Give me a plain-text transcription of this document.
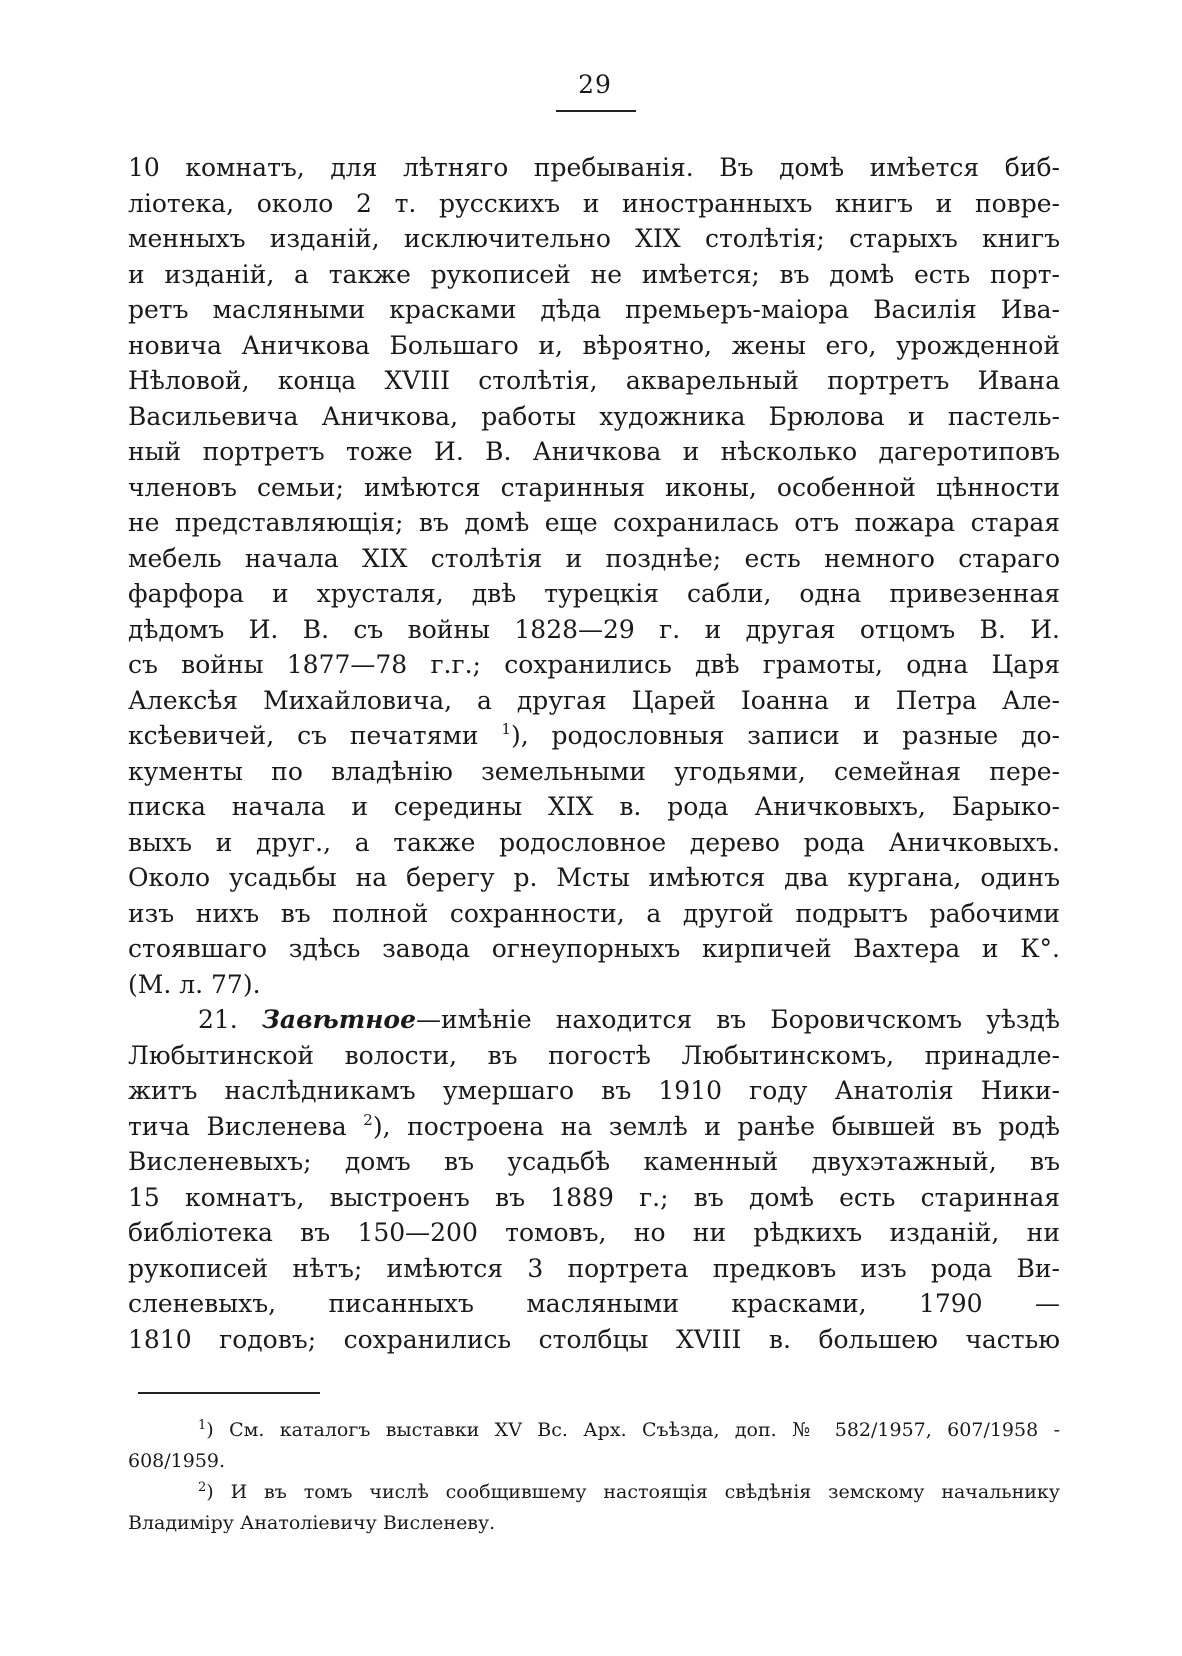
29
10 комнатъ, для лѣтняго пребыванія. Въ домѣ имѣется биб-
ліотека, около 2 т. русскихъ и иностранныхъ книгъ и повре-
менныхъ изданій, исключительно XIX столѣтія; старыхъ книгъ
и изданій, а также рукописей не имѣется; въ домѣ есть порт-
ретъ масляными красками дѣда премьеръ-маіора Василія Ива-
новича Аничкова Большаго и, вѣроятно, жены его, урожденной
Нѣловой, конца XVIII столѣтія, акварельный портретъ Ивана
Васильевича Аничкова, работы художника Брюлова и пастель-
ный портретъ тоже И. В. Аничкова и нѣсколько дагеротиповъ
членовъ семьи; имѣются старинныя иконы, особенной цѣнности
не представляющія; въ домѣ еще сохранилась отъ пожара старая
мебель начала XIX столѣтія и позднѣе; есть немного стараго
фарфора и хрусталя, двѣ турецкія сабли, одна привезенная
дѣдомъ И. В. съ войны 1828—29 г. и другая отцомъ В. И.
съ войны 1877—78 г.г.; сохранились двѣ грамоты, одна Царя
Алексѣя Михайловича, а другая Царей Іоанна и Петра Але-
ксѣевичей, съ печатями $^1$), родословныя записи и разные до-
кументы по владѣнію земельными угодьями, семейная пере-
писка начала и середины XIX в. рода Аничковыхъ, Барыко-
выхъ и друг., а также родословное дерево рода Аничковыхъ.
Около усадьбы на берегу р. Мсты имѣются два кургана, одинъ
изъ нихъ въ полной сохранности, а другой подрытъ рабочими
стоявшаго здѣсь завода огнеупорныхъ кирпичей Вахтера и К°.
(М. л. 77).
21. Завѣтное—имѣніе находится въ Боровичскомъ уѣздѣ
Любытинской волости, въ погостѣ Любытинскомъ, принадле-
житъ наслѣдникамъ умершаго въ 1910 году Анатолія Ники-
тича Висленева $^2$), построена на землѣ и ранѣе бывшей въ родѣ
Висленевыхъ; домъ въ усадьбѣ каменный двухэтажный, въ
15 комнатъ, выстроенъ въ 1889 г.; въ домѣ есть старинная
библіотека въ 150—200 томовъ, но ни рѣдкихъ изданій, ни
рукописей нѣтъ; имѣются 3 портрета предковъ изъ рода Ви-
сленевыхъ, писанныхъ масляными красками, 1790 —
1810 годовъ; сохранились столбцы XVIII в. большею частью
$^1$) См. каталогъ выставки XV Вс. Арх. Съѣзда, доп. № 582/1957, 607/1958 -
608/1959.
$^2$) И въ томъ числѣ сообщившему настоящія свѣдѣнія земскому начальнику
Владиміру Анатоліевичу Висленеву.
